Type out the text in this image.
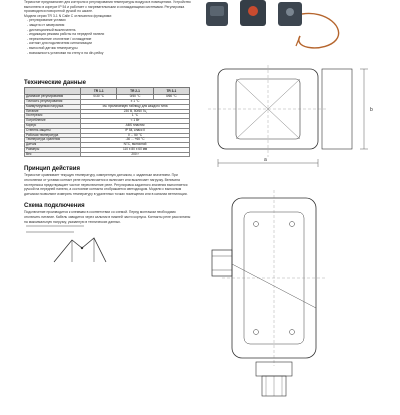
Термостат предназначен для контроля и регулирования температуры воздуха в помещениях. Устройство выполнено в корпусе IP 54 и работает с нагревательными и охлаждающими системами. Регулировка производится поворотной ручкой по шкале.

Модели серии TR 3-1 N Calle C отличаются функциями:

- регулирование уставки
- защита от замерзания
- дистанционный выключатель
- индикация режима работы на передней панели
- переключение отопление / охлаждение
- контакт для подключения сигнализации
- выносной датчик температуры
- возможность установки на стену и на din-рейку
Технические данные
	TR 1-1	TR 2-1	TR 3-1
Диапазон регулирования	0/30 °C	0/40 °C	0/60 °C
Точность регулирования	± 1 °C		
Коммутируемая нагрузка	см. прилагаемую таблицу для каждого типа		
Питание	230 В, 50/60 Гц		
Гистерезис	1 °C		
Потребление	< 1 Вт		
Корпус	ABS пластик		
Степень защиты	IP 54, класс II		
Рабочая температура	0 ... 50 °C		
Температура хранения	-30 ... +60 °C		
Датчик	NTC, выносной		
Размеры	110 x 80 x 60 мм		
Вес	200 г		
Принцип действия

Термостат сравнивает текущую температуру, измеренную датчиком, с заданным значением. При отклонении от уставки контакт реле переключается и включает или выключает нагрузку. Величина гистерезиса предотвращает частое переключение реле. Регулировка заданного значения выполняется ручкой на передней панели, а состояние контакта отображается светодиодом. Модели с выносным датчиком позволяют измерять температуру в удаленных точках помещения или в каналах вентиляции.

Схема подключения

Подключение производится к клеммам в соответствии со схемой. Перед монтажом необходимо отключить питание. Кабель заводится через сальник в нижней части корпуса. Контакты реле рассчитаны на максимальную нагрузку, указанную в технических данных.

a
b
